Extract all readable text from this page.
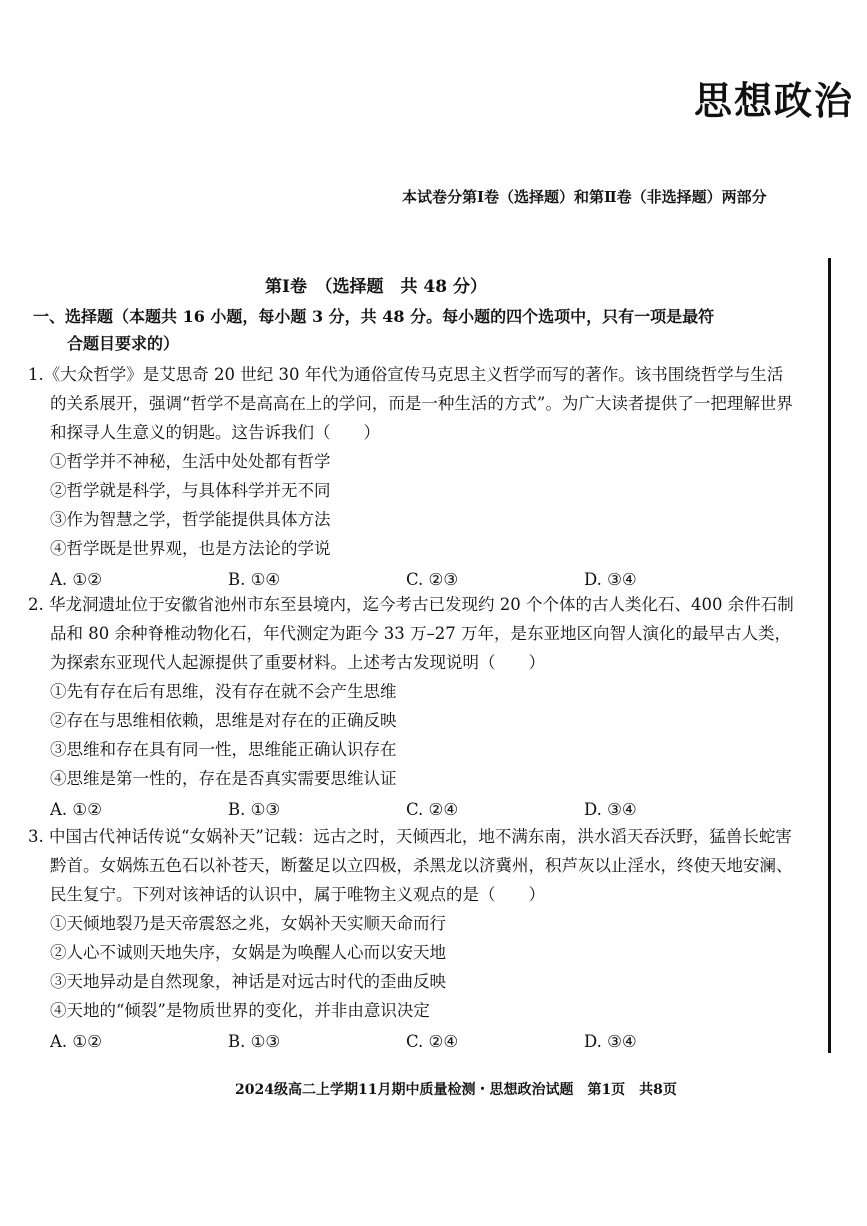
思想政治
本试卷分第Ⅰ卷（选择题）和第Ⅱ卷（非选择题）两部分
第Ⅰ卷　（选择题　共 48 分）
一、选择题（本题共 16 小题，每小题 3 分，共 48 分。每小题的四个选项中，只有一项是最符
合题目要求的）
1.《大众哲学》是艾思奇 20 世纪 30 年代为通俗宣传马克思主义哲学而写的著作。该书围绕哲学与生活的关系展开，强调“哲学不是高高在上的学问，而是一种生活的方式”。为广大读者提供了一把理解世界和探寻人生意义的钥匙。这告诉我们（　　）
①哲学并不神秘，生活中处处都有哲学
②哲学就是科学，与具体科学并无不同
③作为智慧之学，哲学能提供具体方法
④哲学既是世界观，也是方法论的学说
A. ①②	B. ①④	C. ②③	D. ③④
2. 华龙洞遗址位于安徽省池州市东至县境内，迄今考古已发现约 20 个个体的古人类化石、400 余件石制品和 80 余种脊椎动物化石，年代测定为距今 33 万–27 万年，是东亚地区向智人演化的最早古人类，为探索东亚现代人起源提供了重要材料。上述考古发现说明（　　）
①先有存在后有思维，没有存在就不会产生思维
②存在与思维相依赖，思维是对存在的正确反映
③思维和存在具有同一性，思维能正确认识存在
④思维是第一性的，存在是否真实需要思维认证
A. ①②	B. ①③	C. ②④	D. ③④
3. 中国古代神话传说“女娲补天”记载：远古之时，天倾西北，地不满东南，洪水滔天吞沃野，猛兽长蛇害黔首。女娲炼五色石以补苍天，断鳌足以立四极，杀黑龙以济冀州，积芦灰以止淫水，终使天地安澜、民生复宁。下列对该神话的认识中，属于唯物主义观点的是（　　）
①天倾地裂乃是天帝震怒之兆，女娲补天实顺天命而行
②人心不诚则天地失序，女娲是为唤醒人心而以安天地
③天地异动是自然现象，神话是对远古时代的歪曲反映
④天地的“倾裂”是物质世界的变化，并非由意识决定
A. ①②	B. ①③	C. ②④	D. ③④
2024级高二上学期11月期中质量检测・思想政治试题　第1页　共8页
